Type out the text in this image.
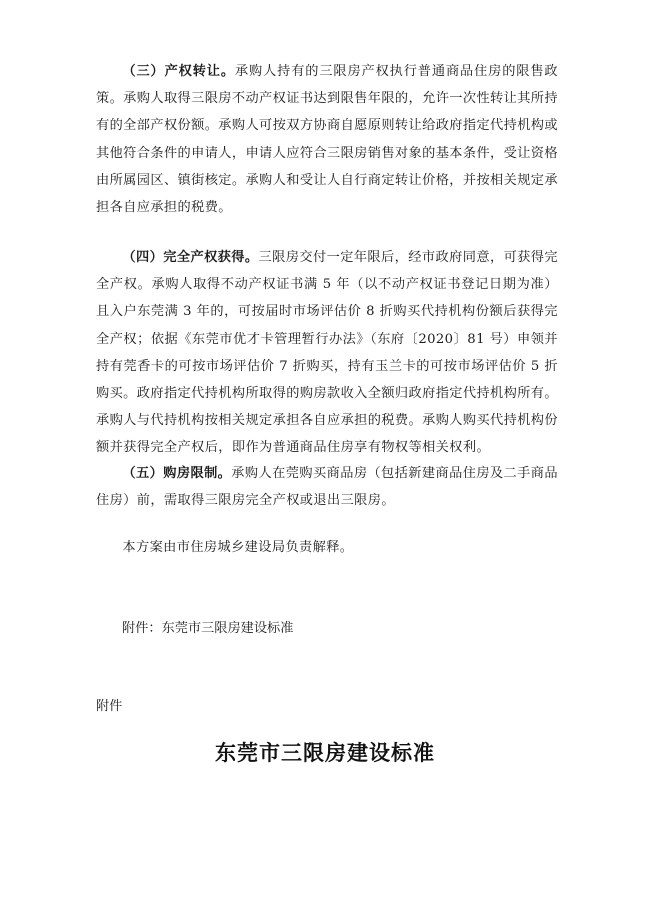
（三）产权转让。承购人持有的三限房产权执行普通商品住房的限售政策。承购人取得三限房不动产权证书达到限售年限的，允许一次性转让其所持有的全部产权份额。承购人可按双方协商自愿原则转让给政府指定代持机构或其他符合条件的申请人，申请人应符合三限房销售对象的基本条件，受让资格由所属园区、镇街核定。承购人和受让人自行商定转让价格，并按相关规定承担各自应承担的税费。

（四）完全产权获得。三限房交付一定年限后，经市政府同意，可获得完全产权。承购人取得不动产权证书满 5 年（以不动产权证书登记日期为准）且入户东莞满 3 年的，可按届时市场评估价 8 折购买代持机构份额后获得完全产权；依据《东莞市优才卡管理暂行办法》（东府〔2020〕81 号）申领并持有莞香卡的可按市场评估价 7 折购买，持有玉兰卡的可按市场评估价 5 折购买。政府指定代持机构所取得的购房款收入全额归政府指定代持机构所有。承购人与代持机构按相关规定承担各自应承担的税费。承购人购买代持机构份额并获得完全产权后，即作为普通商品住房享有物权等相关权利。

（五）购房限制。承购人在莞购买商品房（包括新建商品住房及二手商品住房）前，需取得三限房完全产权或退出三限房。

本方案由市住房城乡建设局负责解释。

附件：东莞市三限房建设标准

附件

东莞市三限房建设标准
